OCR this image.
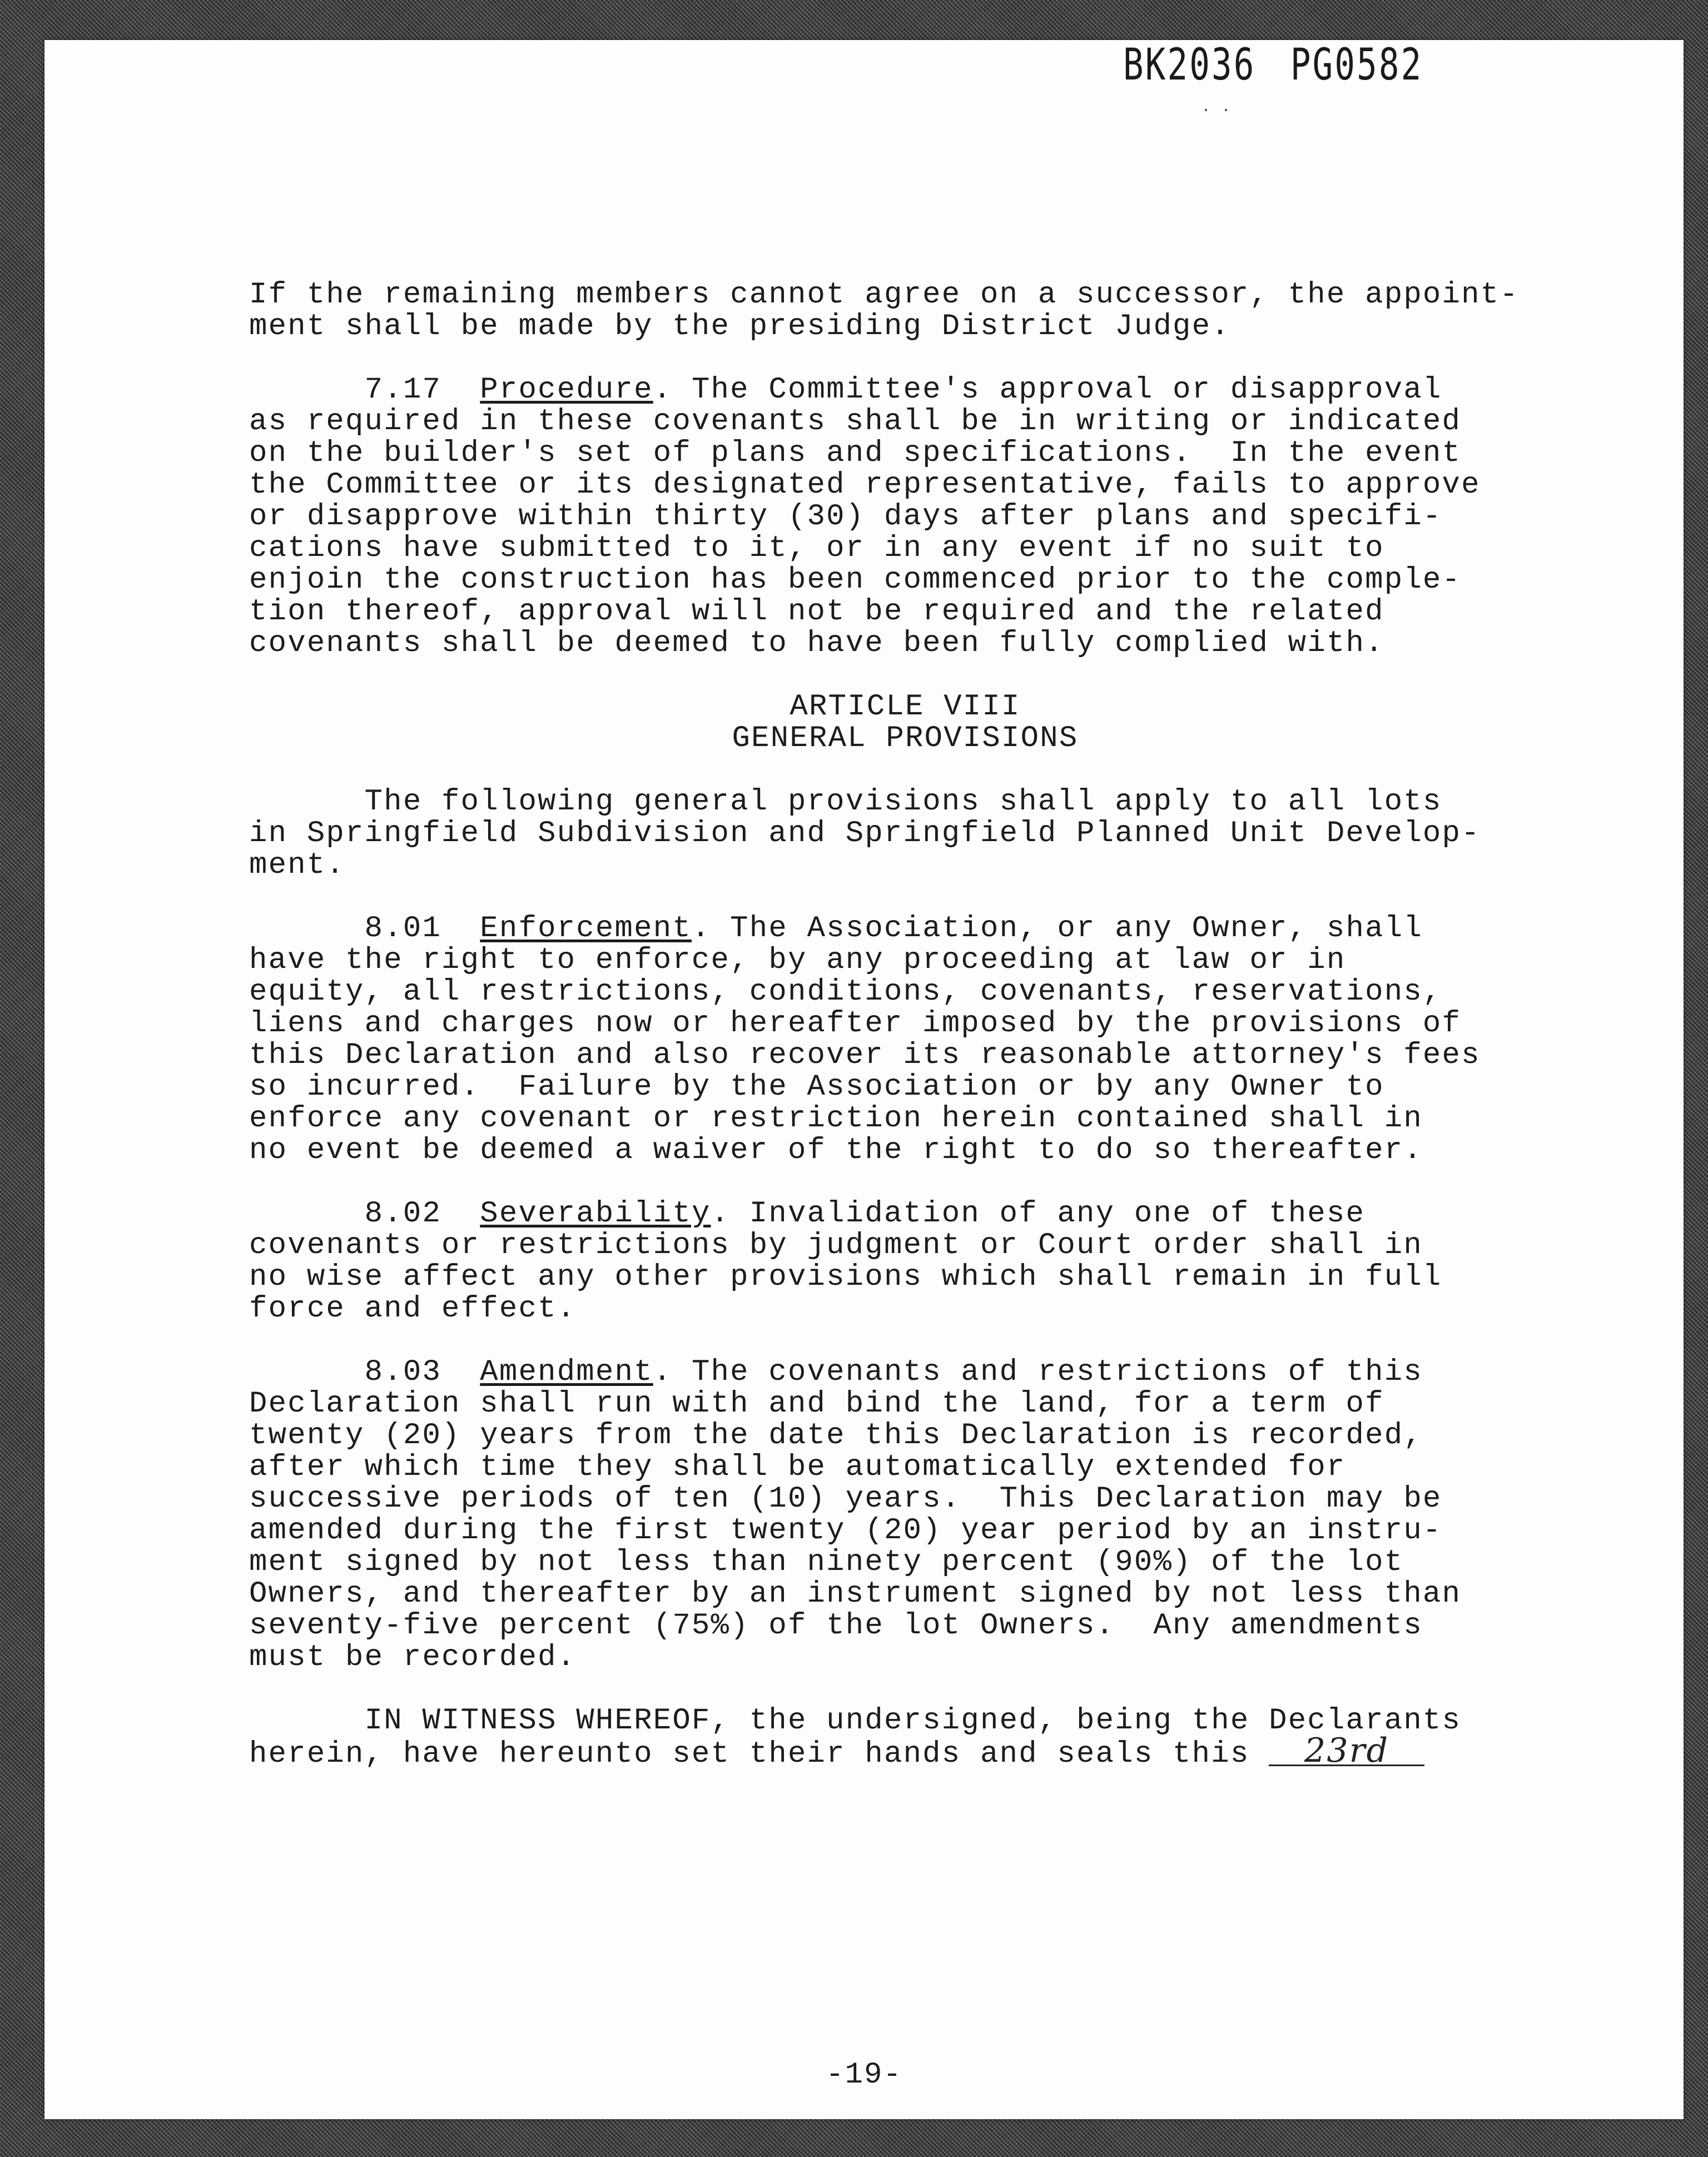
BK2036 PG0582
· ·

If the remaining members cannot agree on a successor, the appoint-
ment shall be made by the presiding District Judge.

7.17 Procedure. The Committee's approval or disapproval
as required in these covenants shall be in writing or indicated
on the builder's set of plans and specifications.  In the event
the Committee or its designated representative, fails to approve
or disapprove within thirty (30) days after plans and specifi-
cations have submitted to it, or in any event if no suit to
enjoin the construction has been commenced prior to the comple-
tion thereof, approval will not be required and the related
covenants shall be deemed to have been fully complied with.

ARTICLE VIII
GENERAL PROVISIONS

The following general provisions shall apply to all lots
in Springfield Subdivision and Springfield Planned Unit Develop-
ment.

8.01 Enforcement. The Association, or any Owner, shall
have the right to enforce, by any proceeding at law or in
equity, all restrictions, conditions, covenants, reservations,
liens and charges now or hereafter imposed by the provisions of
this Declaration and also recover its reasonable attorney's fees
so incurred.  Failure by the Association or by any Owner to
enforce any covenant or restriction herein contained shall in
no event be deemed a waiver of the right to do so thereafter.

8.02 Severability. Invalidation of any one of these
covenants or restrictions by judgment or Court order shall in
no wise affect any other provisions which shall remain in full
force and effect.

8.03 Amendment. The covenants and restrictions of this
Declaration shall run with and bind the land, for a term of
twenty (20) years from the date this Declaration is recorded,
after which time they shall be automatically extended for
successive periods of ten (10) years.  This Declaration may be
amended during the first twenty (20) year period by an instru-
ment signed by not less than ninety percent (90%) of the lot
Owners, and thereafter by an instrument signed by not less than
seventy-five percent (75%) of the lot Owners.  Any amendments
must be recorded.

IN WITNESS WHEREOF, the undersigned, being the Declarants
herein, have hereunto set their hands and seals this 23rd

-19-
